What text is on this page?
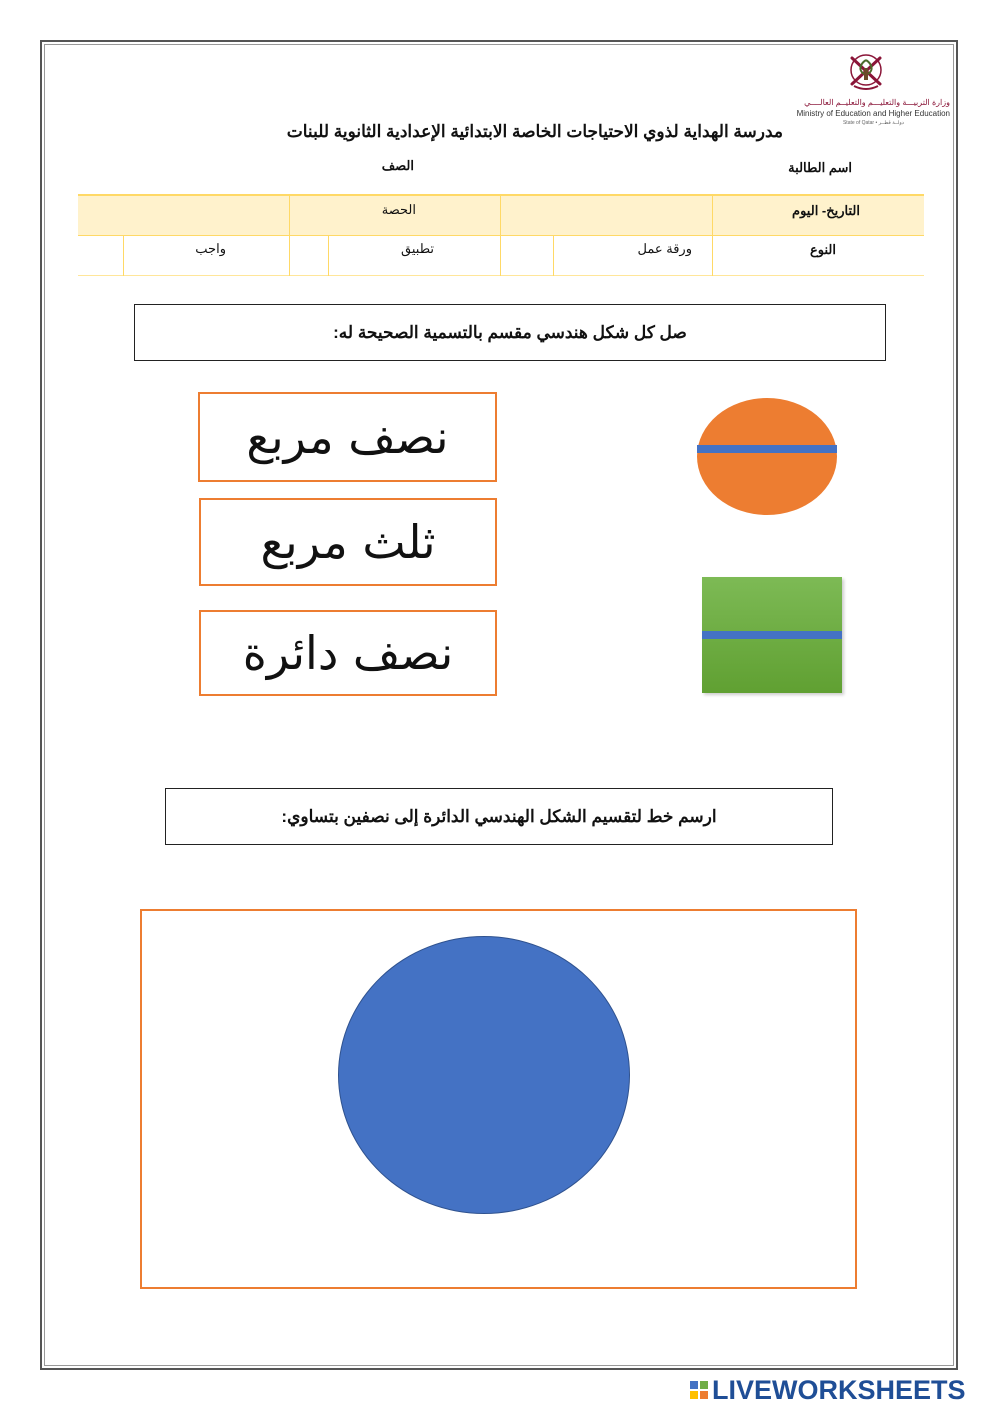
وزارة التربيـــة والتعليـــم والتعليــم العالــــي
Ministry of Education and Higher Education
State of Qatar • دولــة قطــر
مدرسة الهداية لذوي الاحتياجات الخاصة الابتدائية الإعدادية الثانوية للبنات
اسم الطالبة
الصف
التاريخ- اليوم
الحصة
النوع
ورقة عمل
تطبيق
واجب
صل كل شكل هندسي مقسم بالتسمية الصحيحة له:
نصف مربع
ثلث مربع
نصف دائرة
ارسم خط لتقسيم الشكل الهندسي الدائرة إلى نصفين بتساوي:
LIVEWORKSHEETS
